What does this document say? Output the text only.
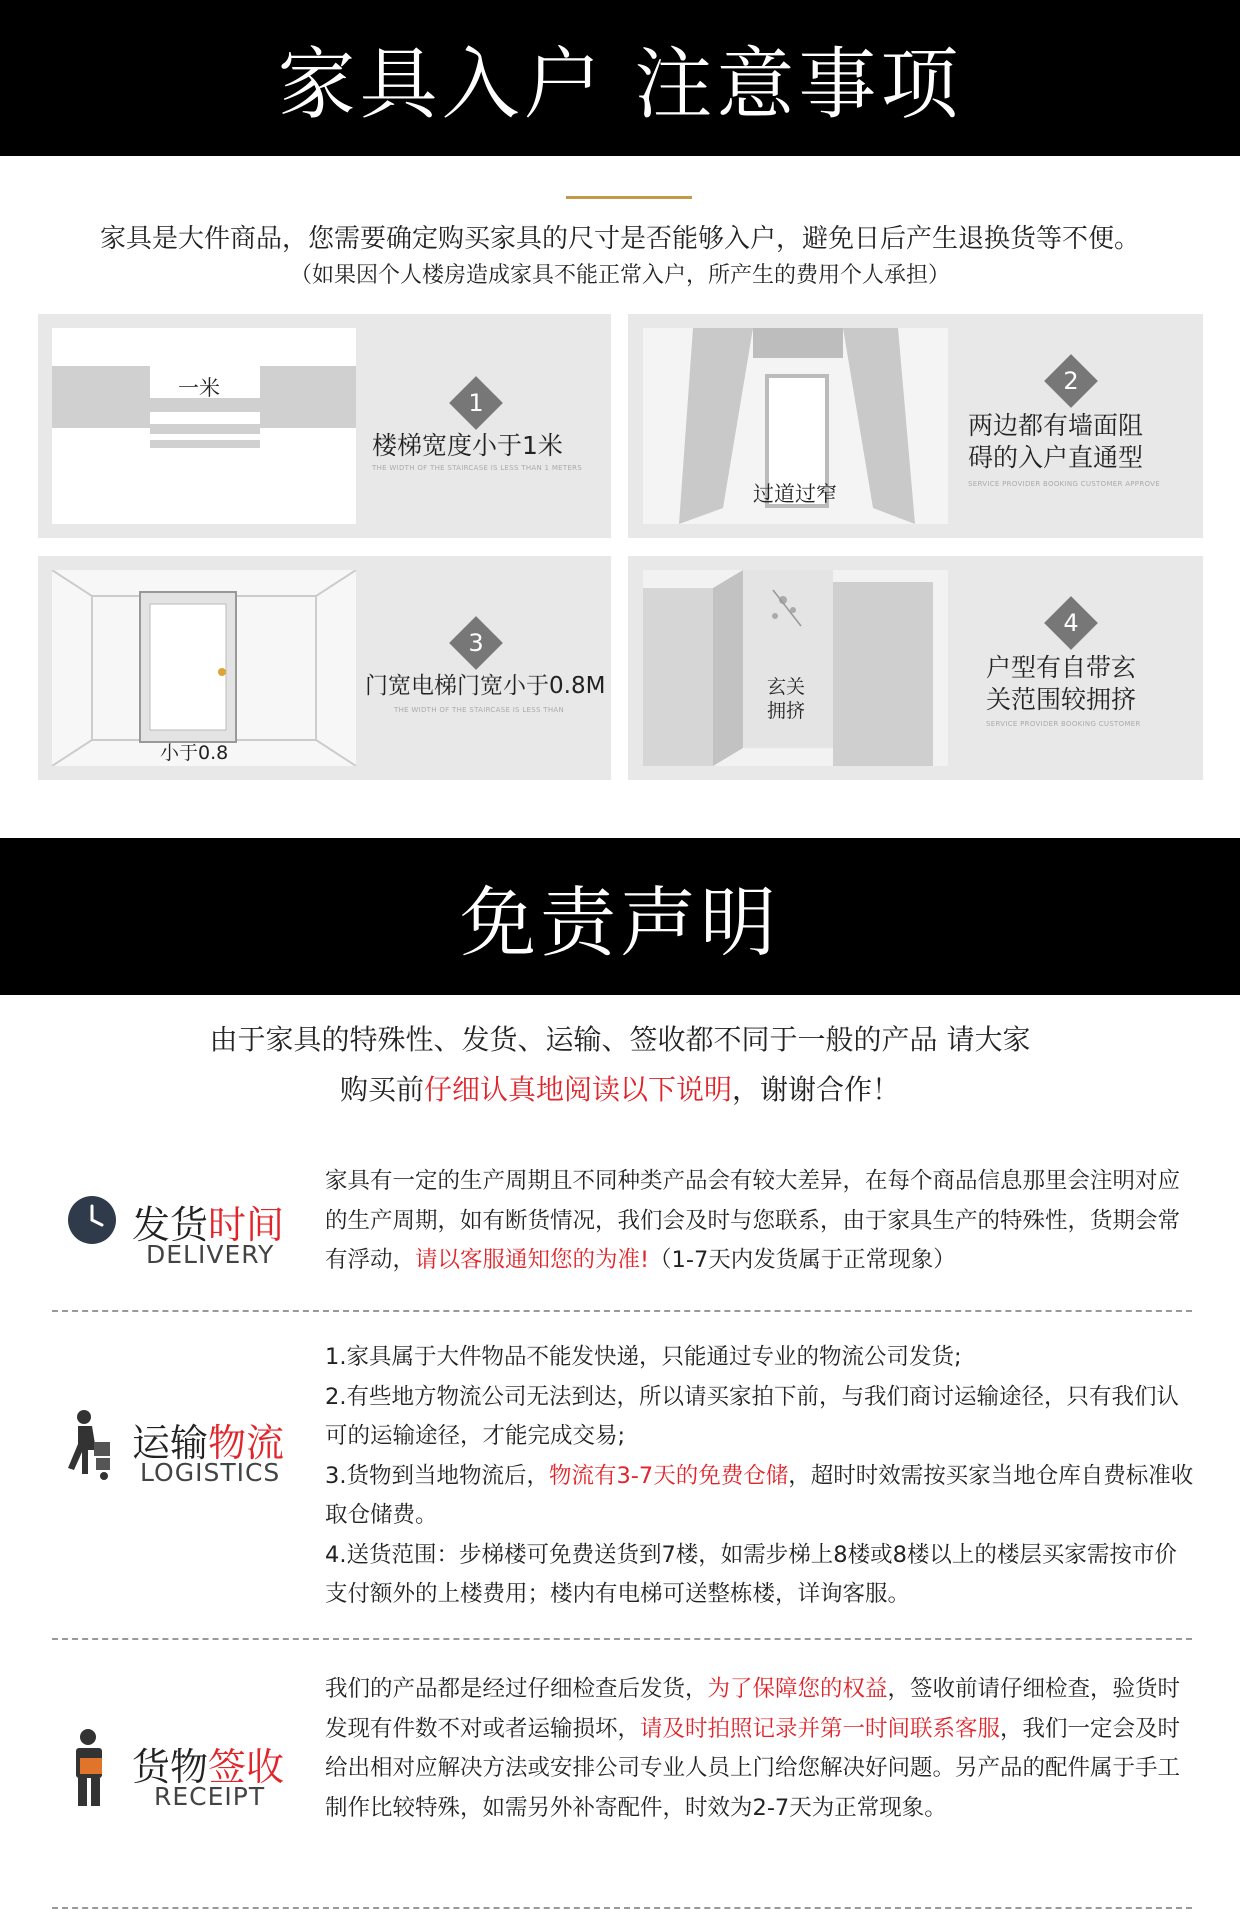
家具入户 注意事项
家具是大件商品，您需要确定购买家具的尺寸是否能够入户，避免日后产生退换货等不便。
（如果因个人楼房造成家具不能正常入户，所产生的费用个人承担）
一米
1
楼梯宽度小于1米
THE WIDTH OF THE STAIRCASE IS LESS THAN 1 METERS
过道过窄
2
两边都有墙面阻
碍的入户直通型
SERVICE PROVIDER BOOKING CUSTOMER APPROVE
小于0.8
3
门宽电梯门宽小于0.8M
THE WIDTH OF THE STAIRCASE IS LESS THAN
玄关
拥挤
4
户型有自带玄
关范围较拥挤
SERVICE PROVIDER BOOKING CUSTOMER
免责声明
由于家具的特殊性、发货、运输、签收都不同于一般的产品 请大家
购买前仔细认真地阅读以下说明，谢谢合作！
发货时间
DELIVERY
家具有一定的生产周期且不同种类产品会有较大差异，在每个商品信息那里会注明对应的生产周期，如有断货情况，我们会及时与您联系，由于家具生产的特殊性，货期会常有浮动，请以客服通知您的为准!（1-7天内发货属于正常现象）
运输物流
LOGISTICS
1.家具属于大件物品不能发快递，只能通过专业的物流公司发货;
2.有些地方物流公司无法到达，所以请买家拍下前，与我们商讨运输途径，只有我们认可的运输途径，才能完成交易;
3.货物到当地物流后，物流有3-7天的免费仓储，超时时效需按买家当地仓库自费标准收取仓储费。
4.送货范围：步梯楼可免费送货到7楼，如需步梯上8楼或8楼以上的楼层买家需按市价支付额外的上楼费用；楼内有电梯可送整栋楼，详询客服。
货物签收
RECEIPT
我们的产品都是经过仔细检查后发货，为了保障您的权益，签收前请仔细检查，验货时发现有件数不对或者运输损坏，请及时拍照记录并第一时间联系客服，我们一定会及时给出相对应解决方法或安排公司专业人员上门给您解决好问题。另产品的配件属于手工制作比较特殊，如需另外补寄配件，时效为2-7天为正常现象。
